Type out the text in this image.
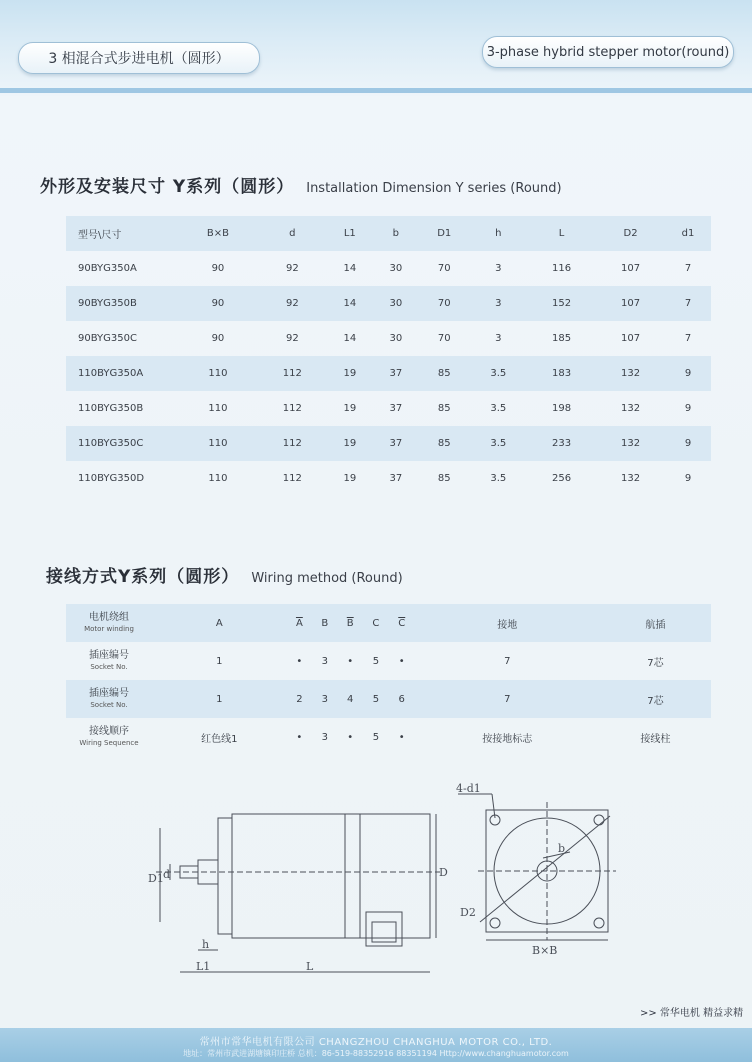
3 相混合式步进电机（圆形）	3-phase hybrid stepper motor(round)
外形及安装尺寸 Y系列（圆形） Installation Dimension Y series (Round)
型号\尺寸	B×B	d	L1	b	D1	h	L	D2	d1
90BYG350A	90	92	14	30	70	3	116	107	7
90BYG350B	90	92	14	30	70	3	152	107	7
90BYG350C	90	92	14	30	70	3	185	107	7
110BYG350A	110	112	19	37	85	3.5	183	132	9
110BYG350B	110	112	19	37	85	3.5	198	132	9
110BYG350C	110	112	19	37	85	3.5	233	132	9
110BYG350D	110	112	19	37	85	3.5	256	132	9
接线方式Y系列（圆形） Wiring method (Round)
电机绕组
Motor winding	A	$\overline{A}$	B	$\overline{B}$	C	$\overline{C}$	接地	航插

插座编号
Socket No.	1	•	3	•	5	•	7	7芯

插座编号
Socket No.	1	2	3	4	5	6	7	7芯

接线顺序
Wiring Sequence	红色线1	•	3	•	5	•	按接地标志	接线柱
D1 d	D
h
L1	L
4-d1
b
D2
B×B
>> 常华电机 精益求精
常州市常华电机有限公司 CHANGZHOU CHANGHUA MOTOR CO., LTD.
地址：常州市武进湖塘镇印庄桥 总机：86-519-88352916 88351194 Http://www.changhuamotor.com
